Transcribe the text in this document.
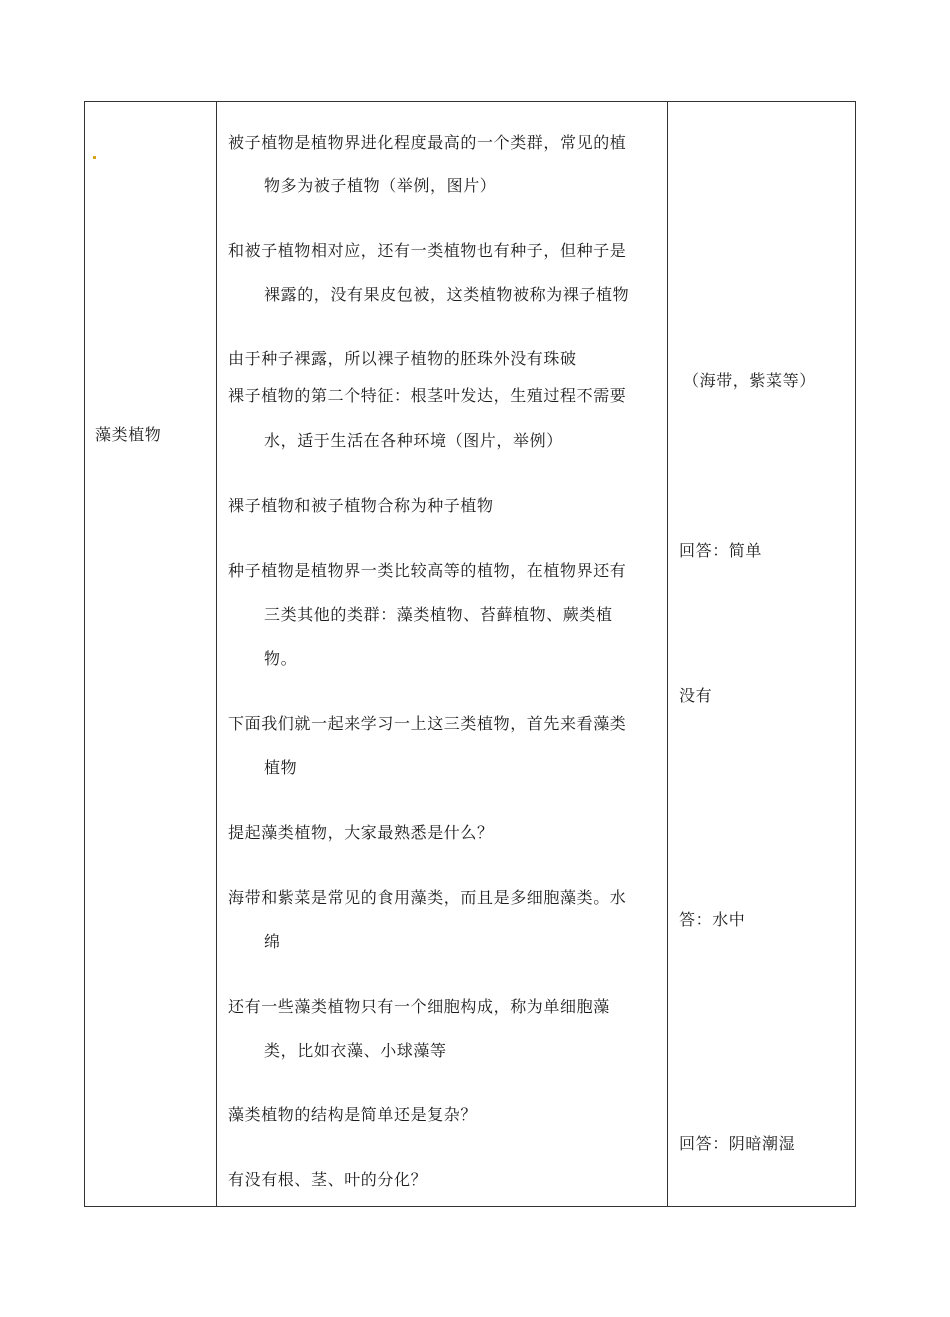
藻类植物
被子植物是植物界进化程度最高的一个类群，常见的植
物多为被子植物（举例，图片）
和被子植物相对应，还有一类植物也有种子，但种子是
裸露的，没有果皮包被，这类植物被称为裸子植物
由于种子裸露，所以裸子植物的胚珠外没有珠破
裸子植物的第二个特征：根茎叶发达，生殖过程不需要
水，适于生活在各种环境（图片，举例）
裸子植物和被子植物合称为种子植物
种子植物是植物界一类比较高等的植物，在植物界还有
三类其他的类群：藻类植物、苔藓植物、蕨类植
物。
下面我们就一起来学习一上这三类植物，首先来看藻类
植物
提起藻类植物，大家最熟悉是什么？
海带和紫菜是常见的食用藻类，而且是多细胞藻类。水
绵
还有一些藻类植物只有一个细胞构成，称为单细胞藻
类，比如衣藻、小球藻等
藻类植物的结构是简单还是复杂？
有没有根、茎、叶的分化？
（海带，紫菜等）
回答：简单
没有
答：水中
回答：阴暗潮湿
